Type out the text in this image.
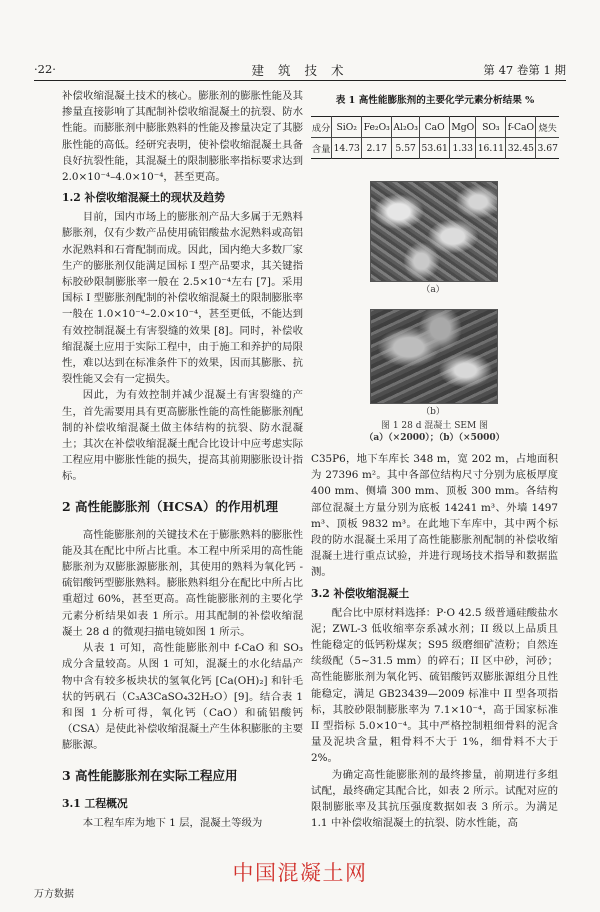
·22·	建 筑 技 术	第 47 卷第 1 期

补偿收缩混凝土技术的核心。膨胀剂的膨胀性能及其掺量直接影响了其配制补偿收缩混凝土的抗裂、防水性能。而膨胀剂中膨胀熟料的性能及掺量决定了其膨胀性能的高低。经研究表明，使补偿收缩混凝土具备良好抗裂性能，其混凝土的限制膨胀率指标要求达到 2.0×10⁻⁴–4.0×10⁻⁴，甚至更高。

1.2 补偿收缩混凝土的现状及趋势

目前，国内市场上的膨胀剂产品大多属于无熟料膨胀剂，仅有少数产品使用硫铝酸盐水泥熟料或高铝水泥熟料和石膏配制而成。因此，国内绝大多数厂家生产的膨胀剂仅能满足国标 I 型产品要求，其关键指标胶砂限制膨胀率一般在 2.5×10⁻⁴左右 [7]。采用国标 I 型膨胀剂配制的补偿收缩混凝土的限制膨胀率一般在 1.0×10⁻⁴–2.0×10⁻⁴，甚至更低，不能达到有效控制混凝土有害裂缝的效果 [8]。同时，补偿收缩混凝土应用于实际工程中，由于施工和养护的局限性，难以达到在标准条件下的效果，因而其膨胀、抗裂性能又会有一定损失。

因此，为有效控制并减少混凝土有害裂缝的产生，首先需要用具有更高膨胀性能的高性能膨胀剂配制的补偿收缩混凝土做主体结构的抗裂、防水混凝土；其次在补偿收缩混凝土配合比设计中应考虑实际工程应用中膨胀性能的损失，提高其前期膨胀设计指标。

2 高性能膨胀剂（HCSA）的作用机理

高性能膨胀剂的关键技术在于膨胀熟料的膨胀性能及其在配比中所占比重。本工程中所采用的高性能膨胀剂为双膨胀源膨胀剂，其使用的熟料为氧化钙 - 硫铝酸钙型膨胀熟料。膨胀熟料组分在配比中所占比重超过 60%，甚至更高。高性能膨胀剂的主要化学元素分析结果如表 1 所示。用其配制的补偿收缩混凝土 28 d 的微观扫描电镜如图 1 所示。

从表 1 可知，高性能膨胀剂中 f-CaO 和 SO₃ 成分含量较高。从图 1 可知，混凝土的水化结晶产物中含有较多板块状的氢氧化钙 [Ca(OH)₂] 和针毛状的钙矾石（C₃A3CaSO₄32H₂O）[9]。结合表 1 和图 1 分析可得，氧化钙（CaO）和硫铝酸钙（CSA）是使此补偿收缩混凝土产生体积膨胀的主要膨胀源。

3 高性能膨胀剂在实际工程应用
3.1 工程概况

本工程车库为地下 1 层，混凝土等级为

表 1 高性能膨胀剂的主要化学元素分析结果 %
成分	SiO₂	Fe₂O₃	Al₂O₃	CaO	MgO	SO₃	f-CaO	烧失
含量	14.73	2.17	5.57	53.61	1.33	16.11	32.45	3.67
（a）
（b）
图 1 28 d 混凝土 SEM 图
（a）（×2000）；（b）（×5000）

C35P6，地下车库长 348 m，宽 202 m，占地面积为 27396 m²。其中各部位结构尺寸分别为底板厚度 400 mm、侧墙 300 mm、顶板 300 mm。各结构部位混凝土方量分别为底板 14241 m³、外墙 1497 m³、顶板 9832 m³。在此地下车库中，其中两个标段的防水混凝土采用了高性能膨胀剂配制的补偿收缩混凝土进行重点试验，并进行现场技术指导和数据监测。

3.2 补偿收缩混凝土

配合比中原材料选择：P·O 42.5 级普通硅酸盐水泥；ZWL-3 低收缩率奈系减水剂；II 级以上品质且性能稳定的低钙粉煤灰；S95 级磨细矿渣粉；自然连续级配（5~31.5 mm）的碎石；II 区中砂，河砂；高性能膨胀剂为氧化钙、硫铝酸钙双膨胀源组分且性能稳定，满足 GB23439—2009 标准中 II 型各项指标，其胶砂限制膨胀率为 7.1×10⁻⁴，高于国家标准 II 型指标 5.0×10⁻⁴。其中严格控制粗细骨料的泥含量及泥块含量，粗骨料不大于 1%，细骨料不大于 2%。

为确定高性能膨胀剂的最终掺量，前期进行多组试配，最终确定其配合比，如表 2 所示。试配对应的限制膨胀率及其抗压强度数据如表 3 所示。为满足 1.1 中补偿收缩混凝土的抗裂、防水性能，高

中国混凝土网
万方数据
